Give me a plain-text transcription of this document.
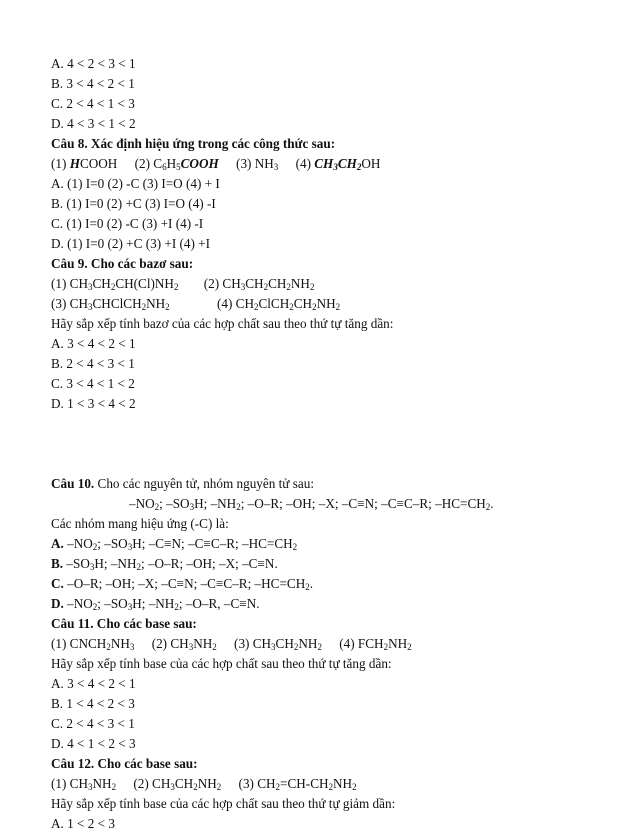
A. 4 < 2 < 3 < 1
B. 3 < 4 < 2 < 1
C. 2 < 4 < 1 < 3
D. 4 < 3 < 1 < 2
Câu 8. Xác định hiệu ứng trong các công thức sau:
(1) HCOOH (2) $C_6H_5COOH$ (3) $NH_3$ (4) $CH_3CH_2OH$
A. (1) I=0 (2) -C (3) I=O (4) + I
B. (1) I=0 (2) +C (3) I=O (4) -I
C. (1) I=0 (2) -C (3) +I (4) -I
D. (1) I=0 (2) +C (3) +I (4) +I
Câu 9. Cho các bazơ sau:
(1) $CH_3CH_2CH(Cl)NH_2$ (2) $CH_3CH_2CH_2NH_2$
(3) $CH_3CHClCH_2NH_2$	(4) $CH_2ClCH_2CH_2NH_2$
Hãy sắp xếp tính bazơ của các hợp chất sau theo thứ tự tăng dần:
A. 3 < 4 < 2 < 1
B. 2 < 4 < 3 < 1
C. 3 < 4 < 1 < 2
D. 1 < 3 < 4 < 2
Câu 10. Cho các nguyên tử, nhóm nguyên tử sau:
$-NO_2$; $-SO_3H$; $-NH_2$; –O–R; –OH; –X; –C≡N; –C≡C–R; $-HC=CH_2$.
Các nhóm mang hiệu ứng (-C) là:
A. $-NO_2$; $-SO_3H$; –C≡N; –C≡C–R; $-HC=CH_2$
B. $-SO_3H$; $-NH_2$; –O–R; –OH; –X; –C≡N.
C. –O–R; –OH; –X; –C≡N; –C≡C–R; $-HC=CH_2$.
D. $-NO_2$; $-SO_3H$; $-NH_2$; –O–R, –C≡N.
Câu 11. Cho các base sau:
(1) $CNCH_2NH_3$ (2) $CH_3NH_2$ (3) $CH_3CH_2NH_2$ (4) $FCH_2NH_2$
Hãy sắp xếp tính base của các hợp chất sau theo thứ tự tăng dần:
A. 3 < 4 < 2 < 1
B. 1 < 4 < 2 < 3
C. 2 < 4 < 3 < 1
D. 4 < 1 < 2 < 3
Câu 12. Cho các base sau:
(1) $CH_3NH_2$ (2) $CH_3CH_2NH_2$ (3) $CH_2=CH-CH_2NH_2$
Hãy sắp xếp tính base của các hợp chất sau theo thứ tự giảm dần:
A. 1 < 2 < 3
